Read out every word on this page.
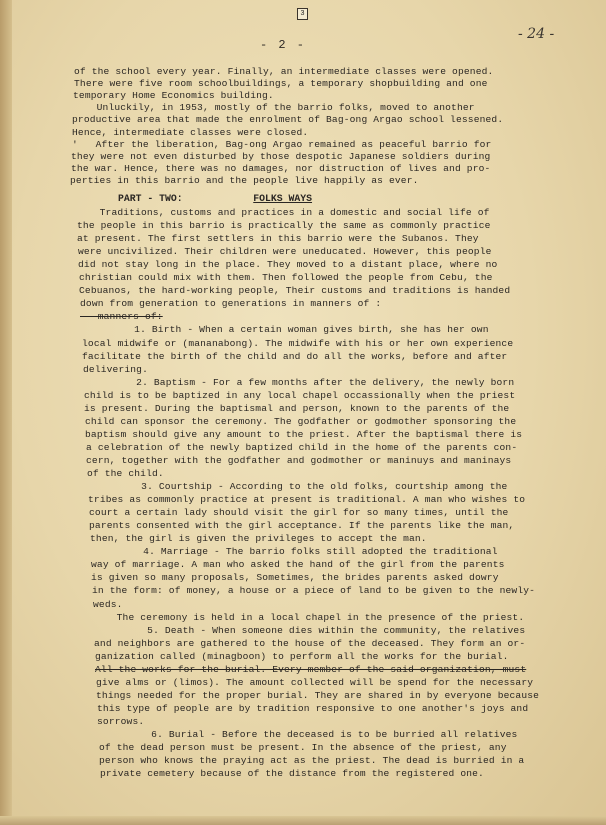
3
- 2 -
- 24 -
of the school every year. Finally, an intermediate classes were opened.
There were five room schoolbuildings, a temporary shopbuilding and one
temporary Home Economics building.
Unluckily, in 1953, mostly of the barrio folks, moved to another
productive area that made the enrolment of Bag-ong Argao school lessened.
Hence, intermediate classes were closed.
'   After the liberation, Bag-ong Argao remained as peaceful barrio for
they were not even disturbed by those despotic Japanese soldiers during
the war. Hence, there was no damages, nor distruction of lives and pro-
perties in this barrio and the people live happily as ever.
PART - TWO:	FOLKS WAYS
Traditions, customs and practices in a domestic and social life of
the people in this barrio is practically the same as commonly practice
at present. The first settlers in this barrio were the Subanos. They
were uncivilized. Their children were uneducated. However, this people
did not stay long in the place. They moved to a distant place, where no
christian could mix with them. Then followed the people from Cebu, the
Cebuanos, the hard-working people, Their customs and traditions is handed
down from generation to generations in manners of :
manners of:
1. Birth - When a certain woman gives birth, she has her own
local midwife or (mananabong). The midwife with his or her own experience
facilitate the birth of the child and do all the works, before and after
delivering.
2. Baptism - For a few months after the delivery, the newly born
child is to be baptized in any local chapel occassionally when the priest
is present. During the baptismal and person, known to the parents of the
child can sponsor the ceremony. The godfather or godmother sponsoring the
baptism should give any amount to the priest. After the baptismal there is
a celebration of the newly baptized child in the home of the parents con-
cern, together with the godfather and godmother or maninuys and maninays
of the child.
3. Courtship - According to the old folks, courtship among the
tribes as commonly practice at present is traditional. A man who wishes to
court a certain lady should visit the girl for so many times, until the
parents consented with the girl acceptance. If the parents like the man,
then, the girl is given the privileges to accept the man.
4. Marriage - The barrio folks still adopted the traditional
way of marriage. A man who asked the hand of the girl from the parents
is given so many proposals, Sometimes, the brides parents asked dowry
in the form: of money, a house or a piece of land to be given to the newly-
weds.
The ceremony is held in a local chapel in the presence of the priest.
5. Death - When someone dies within the community, the relatives
and neighbors are gathered to the house of the deceased. They form an or-
ganization called (minagboon) to perform all the works for the burial.
All the works for the burial. Every member of the said organization, must
give alms or (limos). The amount collected will be spend for the necessary
things needed for the proper burial. They are shared in by everyone because
this type of people are by tradition responsive to one another's joys and
sorrows.
6. Burial - Before the deceased is to be burried all relatives
of the dead person must be present. In the absence of the priest, any
person who knows the praying act as the priest. The dead is burried in a
private cemetery because of the distance from the registered one.
